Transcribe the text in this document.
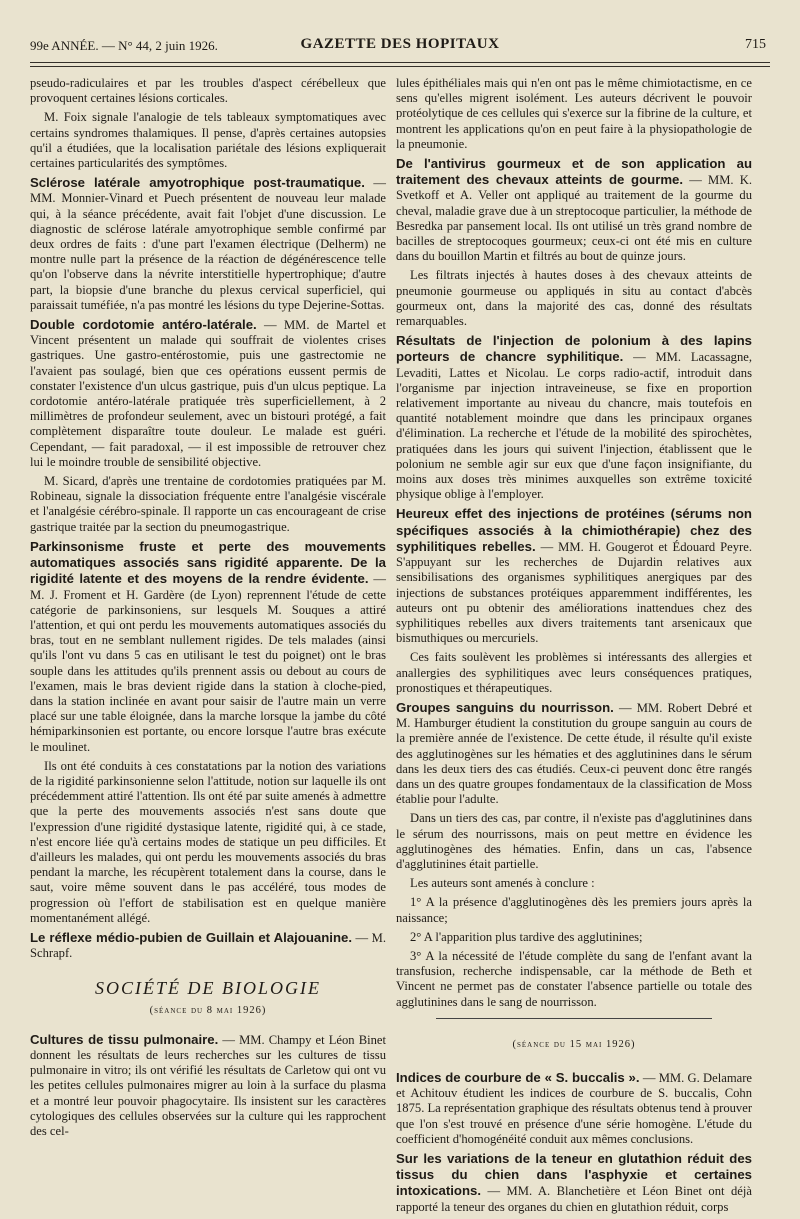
99e ANNÉE. — N° 44, 2 juin 1926.	GAZETTE DES HOPITAUX	715

pseudo-radiculaires et par les troubles d'aspect cérébelleux que provoquent certaines lésions corticales.

M. Foix signale l'analogie de tels tableaux symptomatiques avec certains syndromes thalamiques. Il pense, d'après certaines autopsies qu'il a étudiées, que la localisation pariétale des lésions expliquerait certaines particularités des symptômes.

Sclérose latérale amyotrophique post-traumatique. — MM. Monnier-Vinard et Puech présentent de nouveau leur malade qui, à la séance précédente, avait fait l'objet d'une discussion. Le diagnostic de sclérose latérale amyotrophique semble confirmé par deux ordres de faits : d'une part l'examen électrique (Delherm) ne montre nulle part la présence de la réaction de dégénérescence telle qu'on l'observe dans la névrite interstitielle hypertrophique; d'autre part, la biopsie d'une branche du plexus cervical superficiel, qui paraissait tuméfiée, n'a pas montré les lésions du type Dejerine-Sottas.

Double cordotomie antéro-latérale. — MM. de Martel et Vincent présentent un malade qui souffrait de violentes crises gastriques. Une gastro-entérostomie, puis une gastrectomie ne l'avaient pas soulagé, bien que ces opérations eussent permis de constater l'existence d'un ulcus gastrique, puis d'un ulcus peptique. La cordotomie antéro-latérale pratiquée très superficiellement, à 2 millimètres de profondeur seulement, avec un bistouri protégé, a fait complètement disparaître toute douleur. Le malade est guéri. Cependant, — fait paradoxal, — il est impossible de retrouver chez lui le moindre trouble de sensibilité objective.

M. Sicard, d'après une trentaine de cordotomies pratiquées par M. Robineau, signale la dissociation fréquente entre l'analgésie viscérale et l'analgésie cérébro-spinale. Il rapporte un cas encourageant de crise gastrique traitée par la section du pneumogastrique.

Parkinsonisme fruste et perte des mouvements automatiques associés sans rigidité apparente. De la rigidité latente et des moyens de la rendre évidente. — M. J. Froment et H. Gardère (de Lyon) reprennent l'étude de cette catégorie de parkinsoniens, sur lesquels M. Souques a attiré l'attention, et qui ont perdu les mouvements automatiques associés du bras, tout en ne semblant nullement rigides. De tels malades (ainsi qu'ils l'ont vu dans 5 cas en utilisant le test du poignet) ont le bras souple dans les attitudes qu'ils prennent assis ou debout au cours de l'examen, mais le bras devient rigide dans la station à cloche-pied, dans la station inclinée en avant pour saisir de l'autre main un verre placé sur une table éloignée, dans la marche lorsque la jambe du côté hémiparkinsonien est portante, ou encore lorsque l'autre bras exécute le moulinet.

Ils ont été conduits à ces constatations par la notion des variations de la rigidité parkinsonienne selon l'attitude, notion sur laquelle ils ont précédemment attiré l'attention. Ils ont été par suite amenés à admettre que la perte des mouvements associés n'est sans doute que l'expression d'une rigidité dystasique latente, rigidité qui, à ce stade, n'est encore liée qu'à certains modes de statique un peu difficiles. Et d'ailleurs les malades, qui ont perdu les mouvements associés du bras pendant la marche, les récupèrent totalement dans la course, dans le saut, voire même souvent dans le pas accéléré, tous modes de progression où l'effort de stabilisation est en quelque manière momentanément allégé.

Le réflexe médio-pubien de Guillain et Alajouanine. — M. Schrapf.

SOCIÉTÉ DE BIOLOGIE
(séance du 8 mai 1926)

Cultures de tissu pulmonaire. — MM. Champy et Léon Binet donnent les résultats de leurs recherches sur les cultures de tissu pulmonaire in vitro; ils ont vérifié les résultats de Carletow qui ont vu les petites cellules pulmonaires migrer au loin à la surface du plasma et a montré leur pouvoir phagocytaire. Ils insistent sur les caractères cytologiques des cellules observées sur la culture qui les rapprochent des cel-

lules épithéliales mais qui n'en ont pas le même chimiotactisme, en ce sens qu'elles migrent isolément. Les auteurs décrivent le pouvoir protéolytique de ces cellules qui s'exerce sur la fibrine de la culture, et montrent les applications qu'on en peut faire à la physiopathologie de la pneumonie.

De l'antivirus gourmeux et de son application au traitement des chevaux atteints de gourme. — MM. K. Svetkoff et A. Veller ont appliqué au traitement de la gourme du cheval, maladie grave due à un streptocoque particulier, la méthode de Besredka par pansement local. Ils ont utilisé un très grand nombre de bacilles de streptocoques gourmeux; ceux-ci ont été mis en culture dans du bouillon Martin et filtrés au bout de quinze jours.

Les filtrats injectés à hautes doses à des chevaux atteints de pneumonie gourmeuse ou appliqués in situ au contact d'abcès gourmeux ont, dans la majorité des cas, donné des résultats remarquables.

Résultats de l'injection de polonium à des lapins porteurs de chancre syphilitique. — MM. Lacassagne, Levaditi, Lattes et Nicolau. Le corps radio-actif, introduit dans l'organisme par injection intraveineuse, se fixe en proportion relativement importante au niveau du chancre, mais toutefois en quantité notablement moindre que dans les principaux organes d'élimination. La recherche et l'étude de la mobilité des spirochètes, pratiquées dans les jours qui suivent l'injection, établissent que le polonium ne semble agir sur eux que d'une façon insignifiante, du moins aux doses très minimes auxquelles son extrême toxicité physique oblige à l'employer.

Heureux effet des injections de protéines (sérums non spécifiques associés à la chimiothérapie) chez des syphilitiques rebelles. — MM. H. Gougerot et Édouard Peyre. S'appuyant sur les recherches de Dujardin relatives aux sensibilisations des organismes syphilitiques anergiques par des injections de substances protéiques apparemment indifférentes, les auteurs ont pu obtenir des améliorations inattendues chez des syphilitiques rebelles aux divers traitements tant arsenicaux que bismuthiques ou mercuriels.

Ces faits soulèvent les problèmes si intéressants des allergies et anallergies des syphilitiques avec leurs conséquences pratiques, pronostiques et thérapeutiques.

Groupes sanguins du nourrisson. — MM. Robert Debré et M. Hamburger étudient la constitution du groupe sanguin au cours de la première année de l'existence. De cette étude, il résulte qu'il existe des agglutinogènes sur les hématies et des agglutinines dans le sérum dans les deux tiers des cas étudiés. Ceux-ci peuvent donc être rangés dans un des quatre groupes fondamentaux de la classification de Moss établie pour l'adulte.

Dans un tiers des cas, par contre, il n'existe pas d'agglutinines dans le sérum des nourrissons, mais on peut mettre en évidence les agglutinogènes des hématies. Enfin, dans un cas, l'absence d'agglutinines était partielle.

Les auteurs sont amenés à conclure :

1° A la présence d'agglutinogènes dès les premiers jours après la naissance;

2° A l'apparition plus tardive des agglutinines;

3° A la nécessité de l'étude complète du sang de l'enfant avant la transfusion, recherche indispensable, car la méthode de Beth et Vincent ne permet pas de constater l'absence partielle ou totale des agglutinines dans le sang de nourrisson.

(séance du 15 mai 1926)

Indices de courbure de « S. buccalis ». — MM. G. Delamare et Achitouv étudient les indices de courbure de S. buccalis, Cohn 1875. La représentation graphique des résultats obtenus tend à prouver que l'on s'est trouvé en présence d'une série homogène. L'étude du coefficient d'homogénéité conduit aux mêmes conclusions.

Sur les variations de la teneur en glutathion réduit des tissus du chien dans l'asphyxie et certaines intoxications. — MM. A. Blanchetière et Léon Binet ont déjà rapporté la teneur des organes du chien en glutathion réduit, corps
